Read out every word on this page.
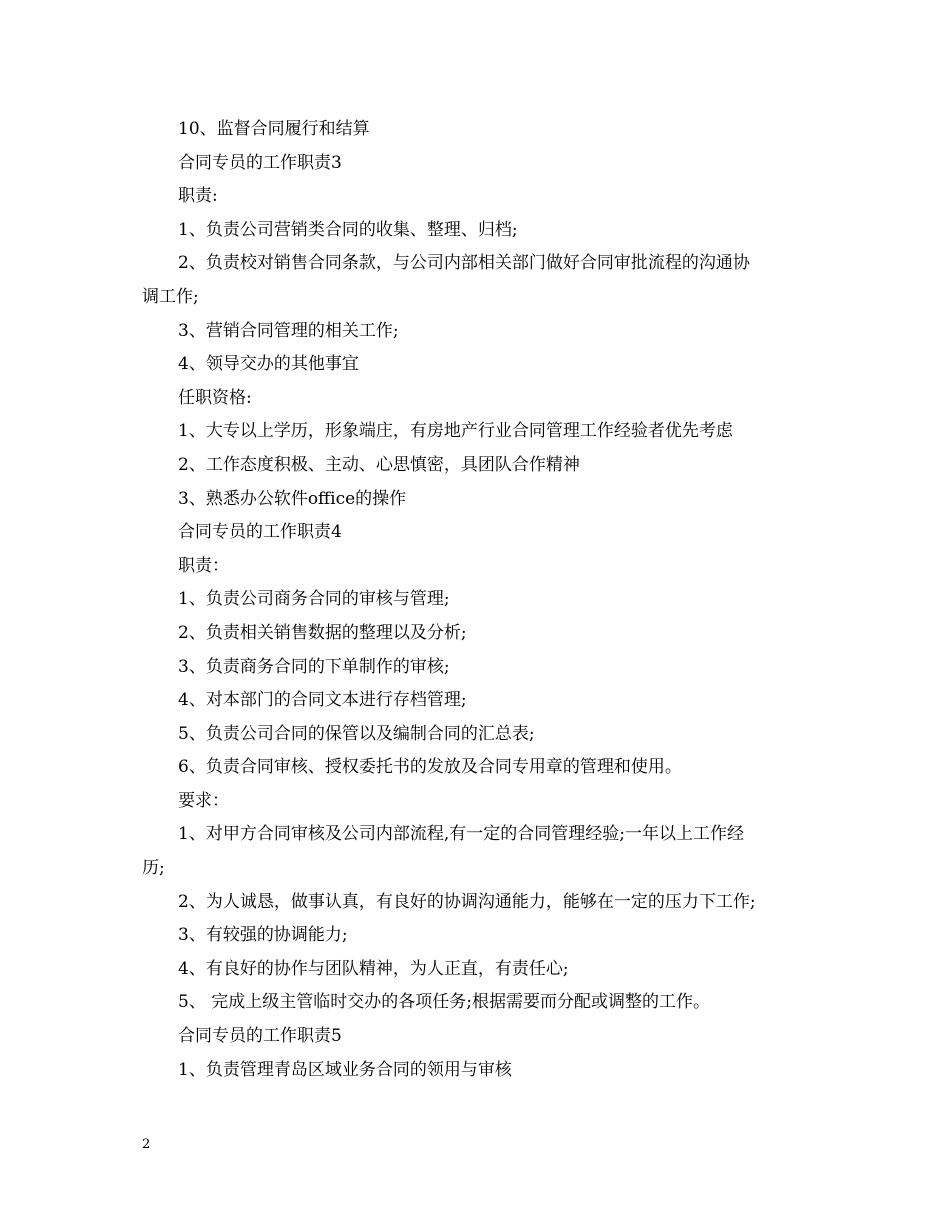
10、监督合同履行和结算

合同专员的工作职责3

职责:

1、负责公司营销类合同的收集、整理、归档;

2、负责校对销售合同条款，与公司内部相关部门做好合同审批流程的沟通协

调工作;

3、营销合同管理的相关工作;

4、领导交办的其他事宜

任职资格:

1、大专以上学历，形象端庄，有房地产行业合同管理工作经验者优先考虑

2、工作态度积极、主动、心思慎密，具团队合作精神

3、熟悉办公软件office的操作

合同专员的工作职责4

职责：

1、负责公司商务合同的审核与管理;

2、负责相关销售数据的整理以及分析;

3、负责商务合同的下单制作的审核;

4、对本部门的合同文本进行存档管理;

5、负责公司合同的保管以及编制合同的汇总表;

6、负责合同审核、授权委托书的发放及合同专用章的管理和使用。

要求：

1、对甲方合同审核及公司内部流程,有一定的合同管理经验;一年以上工作经

历;

2、为人诚恳，做事认真，有良好的协调沟通能力，能够在一定的压力下工作;

3、有较强的协调能力;

4、有良好的协作与团队精神，为人正直，有责任心;

5、 完成上级主管临时交办的各项任务;根据需要而分配或调整的工作。

合同专员的工作职责5

1、负责管理青岛区域业务合同的领用与审核

2
